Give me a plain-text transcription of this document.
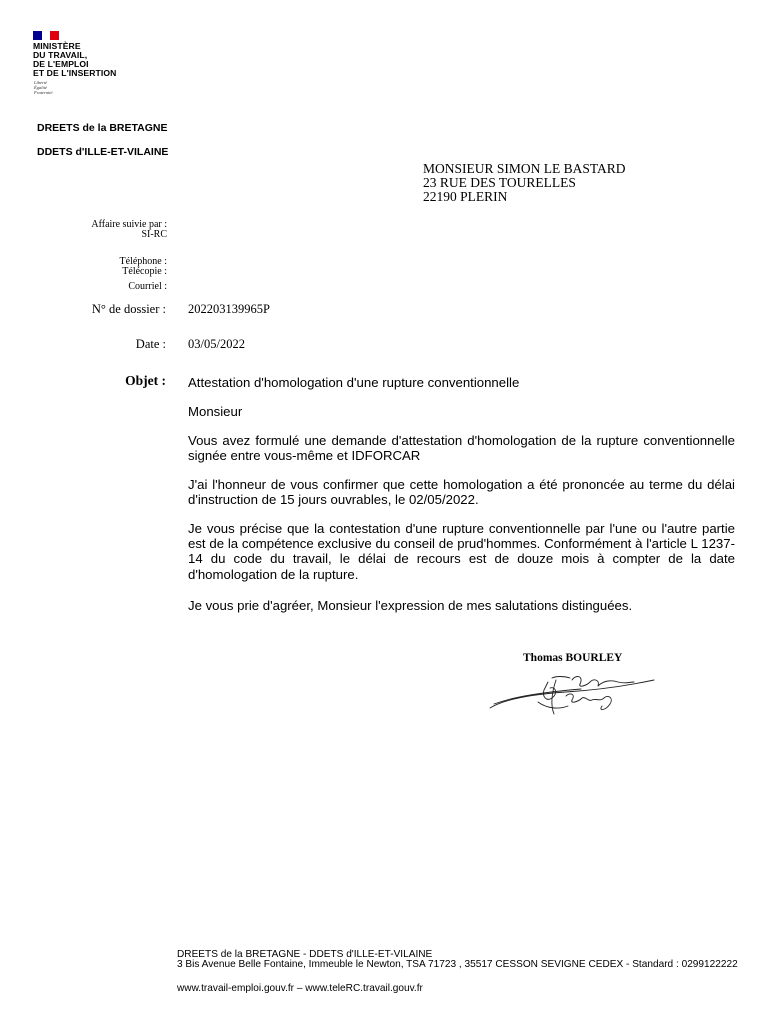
MINISTÈRE
DU TRAVAIL,
DE L'EMPLOI
ET DE L'INSERTION
Liberté
Égalité
Fraternité
DREETS de la BRETAGNE
DDETS d'ILLE-ET-VILAINE
MONSIEUR SIMON LE BASTARD
23 RUE DES TOURELLES
22190 PLERIN
Affaire suivie par :
SI-RC
Téléphone :
Télécopie :
Courriel :
N° de dossier : 202203139965P
Date : 03/05/2022
Objet : Attestation d'homologation d'une rupture conventionnelle
Monsieur
Vous avez formulé une demande d'attestation d'homologation de la rupture conventionnelle signée entre vous-même et IDFORCAR
J'ai l'honneur de vous confirmer que cette homologation a été prononcée au terme du délai d'instruction de 15 jours ouvrables, le 02/05/2022.
Je vous précise que la contestation d'une rupture conventionnelle par l'une ou l'autre partie est de la compétence exclusive du conseil de prud'hommes. Conformément à l'article L 1237-14 du code du travail, le délai de recours est de douze mois à compter de la date d'homologation de la rupture.
Je vous prie d'agréer, Monsieur l'expression de mes salutations distinguées.
Thomas BOURLEY
DREETS de la BRETAGNE - DDETS d'ILLE-ET-VILAINE
3 Bis Avenue Belle Fontaine, Immeuble le Newton, TSA 71723 , 35517 CESSON SEVIGNE CEDEX - Standard : 0299122222
www.travail-emploi.gouv.fr – www.teleRC.travail.gouv.fr
